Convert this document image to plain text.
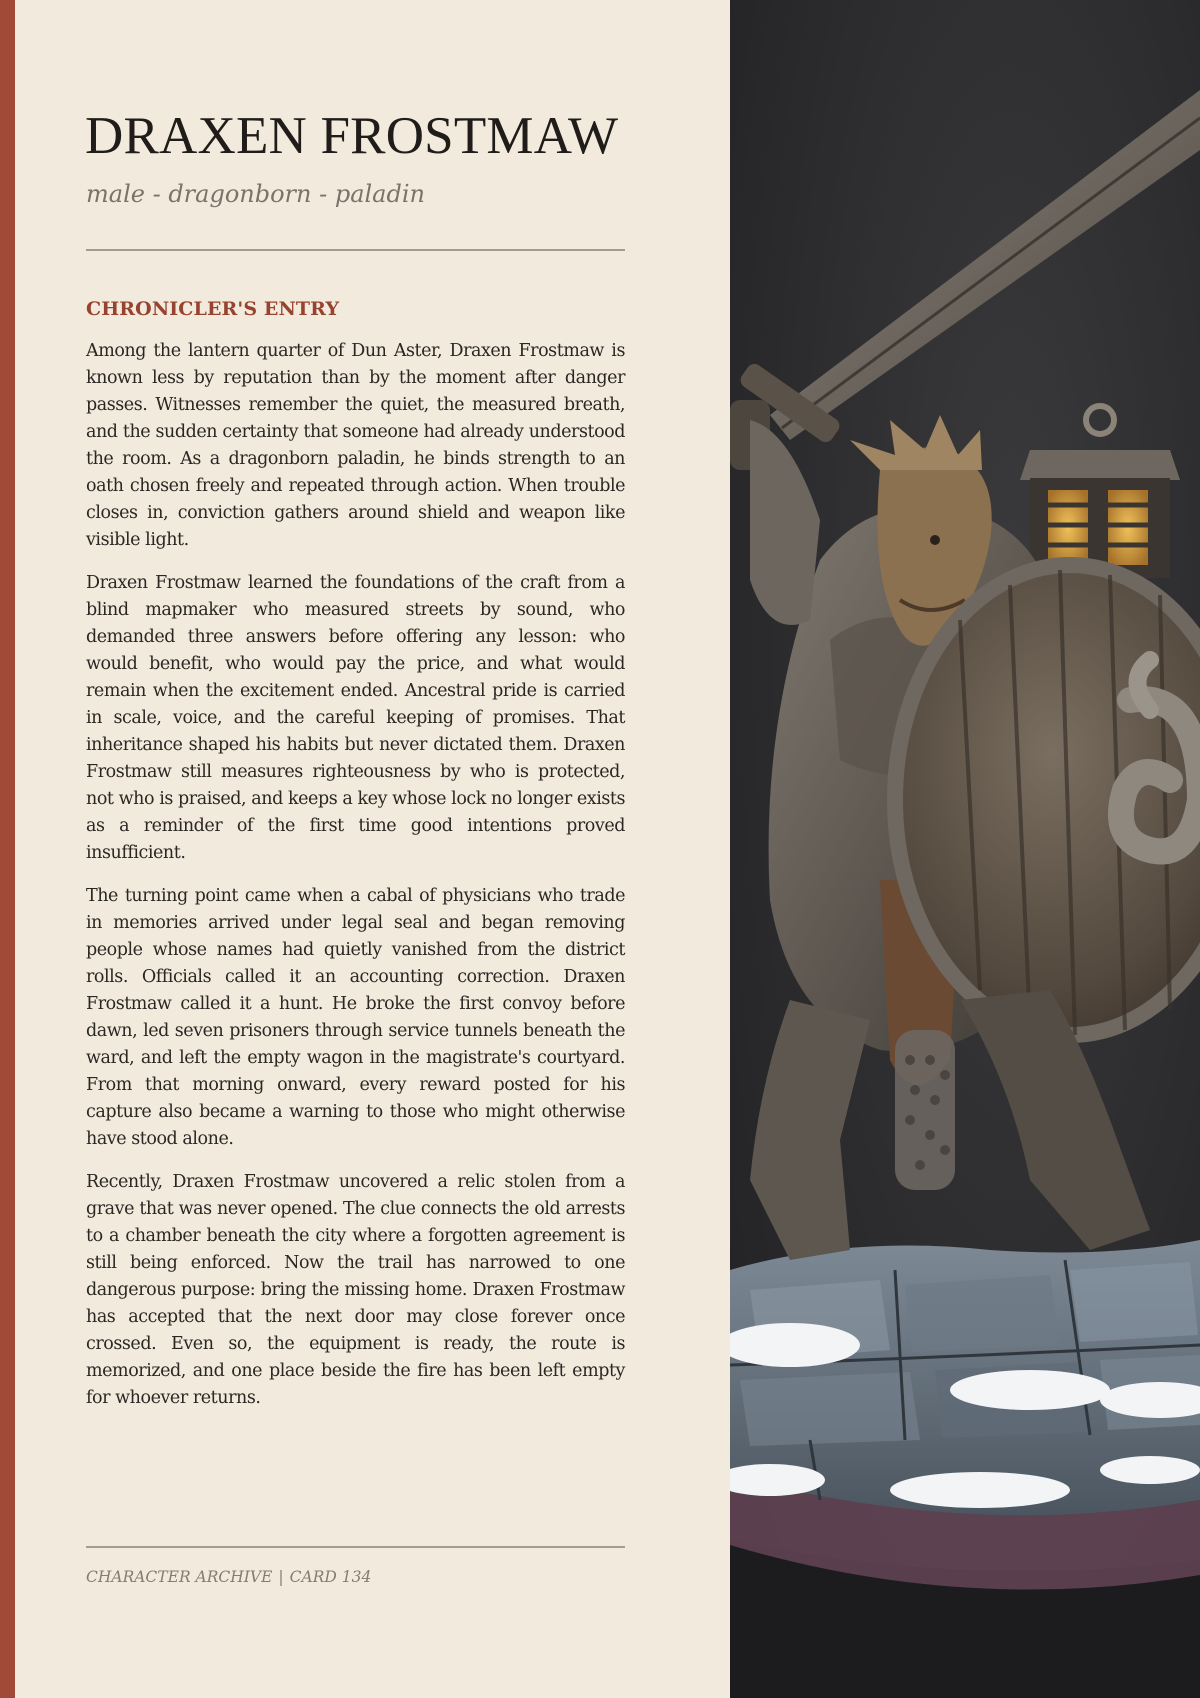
DRAXEN FROSTMAW

male - dragonborn - paladin

CHRONICLER'S ENTRY

Among the lantern quarter of Dun Aster, Draxen Frostmaw is known less by reputation than by the moment after danger passes. Witnesses remember the quiet, the measured breath, and the sudden certainty that someone had already understood the room. As a dragonborn paladin, he binds strength to an oath chosen freely and repeated through action. When trouble closes in, conviction gathers around shield and weapon like visible light.

Draxen Frostmaw learned the foundations of the craft from a blind mapmaker who measured streets by sound, who demanded three answers before offering any lesson: who would benefit, who would pay the price, and what would remain when the excitement ended. Ancestral pride is carried in scale, voice, and the careful keeping of promises. That inheritance shaped his habits but never dictated them. Draxen Frostmaw still measures righteousness by who is protected, not who is praised, and keeps a key whose lock no longer exists as a reminder of the first time good intentions proved insufficient.

The turning point came when a cabal of physicians who trade in memories arrived under legal seal and began removing people whose names had quietly vanished from the district rolls. Officials called it an accounting correction. Draxen Frostmaw called it a hunt. He broke the first convoy before dawn, led seven prisoners through service tunnels beneath the ward, and left the empty wagon in the magistrate's courtyard. From that morning onward, every reward posted for his capture also became a warning to those who might otherwise have stood alone.

Recently, Draxen Frostmaw uncovered a relic stolen from a grave that was never opened. The clue connects the old arrests to a chamber beneath the city where a forgotten agreement is still being enforced. Now the trail has narrowed to one dangerous purpose: bring the missing home. Draxen Frostmaw has accepted that the next door may close forever once crossed. Even so, the equipment is ready, the route is memorized, and one place beside the fire has been left empty for whoever returns.

CHARACTER ARCHIVE | CARD 134
